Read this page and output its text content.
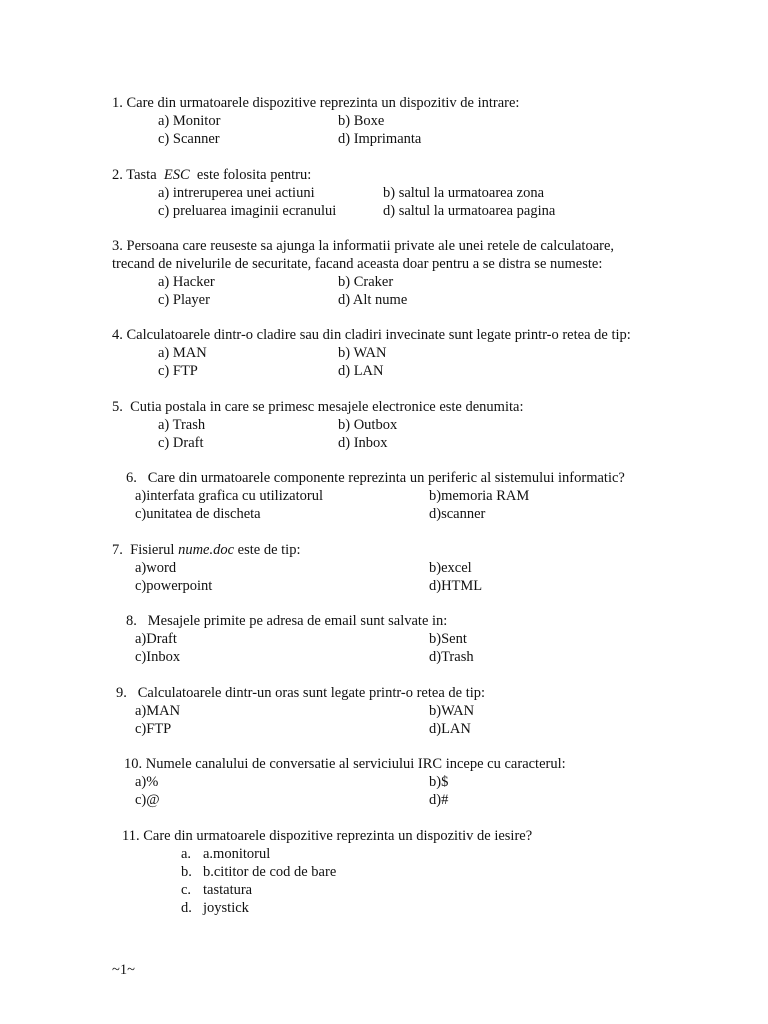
1. Care din urmatoarele dispozitive reprezinta un dispozitiv de intrare:
a) Monitor	b) Boxe
c) Scanner	d) Imprimanta
2. Tasta ESC este folosita pentru:
a) intreruperea unei actiuni	b) saltul la urmatoarea zona
c) preluarea imaginii ecranului	d) saltul la urmatoarea pagina
3. Persoana care reuseste sa ajunga la informatii private ale unei retele de calculatoare,
trecand de nivelurile de securitate, facand aceasta doar pentru a se distra se numeste:
a) Hacker	b) Craker
c) Player	d) Alt nume
4. Calculatoarele dintr-o cladire sau din cladiri invecinate sunt legate printr-o retea de tip:
a) MAN	b) WAN
c) FTP	d) LAN
5. Cutia postala in care se primesc mesajele electronice este denumita:
a) Trash	b) Outbox
c) Draft	d) Inbox
6. Care din urmatoarele componente reprezinta un periferic al sistemului informatic?
a)interfata grafica cu utilizatorul	b)memoria RAM
c)unitatea de discheta	d)scanner
7. Fisierul nume.doc este de tip:
a)word	b)excel
c)powerpoint	d)HTML
8. Mesajele primite pe adresa de email sunt salvate in:
a)Draft	b)Sent
c)Inbox	d)Trash
9. Calculatoarele dintr-un oras sunt legate printr-o retea de tip:
a)MAN	b)WAN
c)FTP	d)LAN
10. Numele canalului de conversatie al serviciului IRC incepe cu caracterul:
a)%	b)$
c)@	d)#
11. Care din urmatoarele dispozitive reprezinta un dispozitiv de iesire?
a. a.monitorul
b. b.cititor de cod de bare
c. tastatura
d. joystick
~1~
